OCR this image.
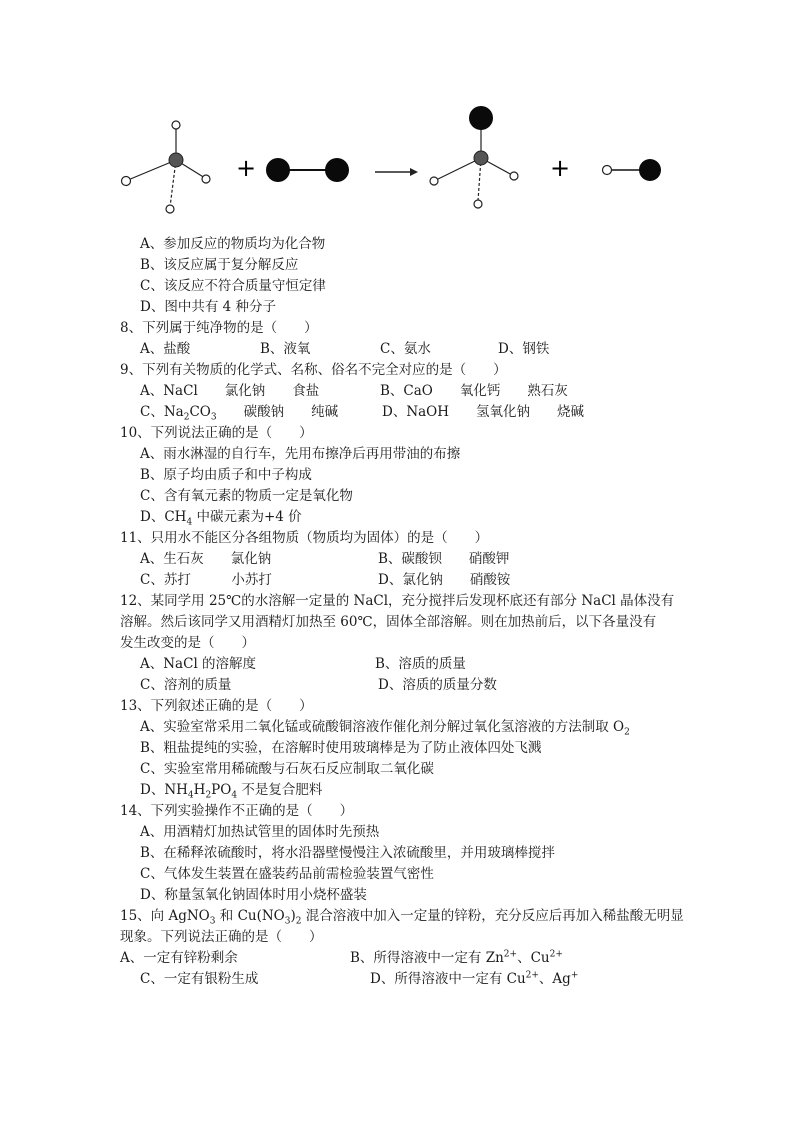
+	+
A、参加反应的物质均为化合物
B、该反应属于复分解反应
C、该反应不符合质量守恒定律
D、图中共有 4 种分子
8、下列属于纯净物的是（　　）
A、盐酸	B、液氧	C、氨水	D、钢铁
9、下列有关物质的化学式、名称、俗名不完全对应的是（　　）
A、NaCl　　氯化钠　　食盐	B、CaO　　氧化钙　　熟石灰
C、$Na_2CO_3$　　碳酸钠　　纯碱	D、NaOH　　氢氧化钠　　烧碱
10、下列说法正确的是（　　）
A、雨水淋湿的自行车，先用布擦净后再用带油的布擦
B、原子均由质子和中子构成
C、含有氧元素的物质一定是氧化物
D、$CH_4$ 中碳元素为+4 价
11、只用水不能区分各组物质（物质均为固体）的是（　　）
A、生石灰　　氯化钠	B、碳酸钡　　硝酸钾
C、苏打　　　小苏打	D、氯化钠　　硝酸铵
12、某同学用 25℃的水溶解一定量的 NaCl，充分搅拌后发现杯底还有部分 NaCl 晶体没有
溶解。然后该同学又用酒精灯加热至 60℃，固体全部溶解。则在加热前后，以下各量没有
发生改变的是（　　）
A、NaCl 的溶解度	B、溶质的质量
C、溶剂的质量	D、溶质的质量分数
13、下列叙述正确的是（　　）
A、实验室常采用二氧化锰或硫酸铜溶液作催化剂分解过氧化氢溶液的方法制取 $O_2$
B、粗盐提纯的实验，在溶解时使用玻璃棒是为了防止液体四处飞溅
C、实验室常用稀硫酸与石灰石反应制取二氧化碳
D、$NH_4H_2PO_4$ 不是复合肥料
14、下列实验操作不正确的是（　　）
A、用酒精灯加热试管里的固体时先预热
B、在稀释浓硫酸时，将水沿器壁慢慢注入浓硫酸里，并用玻璃棒搅拌
C、气体发生装置在盛装药品前需检验装置气密性
D、称量氢氧化钠固体时用小烧杯盛装
15、向 AgNO$_3$ 和 $Cu(NO_3)_2$ 混合溶液中加入一定量的锌粉，充分反应后再加入稀盐酸无明显
现象。下列说法正确的是（　　）
A、一定有锌粉剩余	B、所得溶液中一定有 $Zn^{2+}$、$Cu^{2+}$
C、一定有银粉生成	D、所得溶液中一定有 $Cu^{2+}$、Ag+
